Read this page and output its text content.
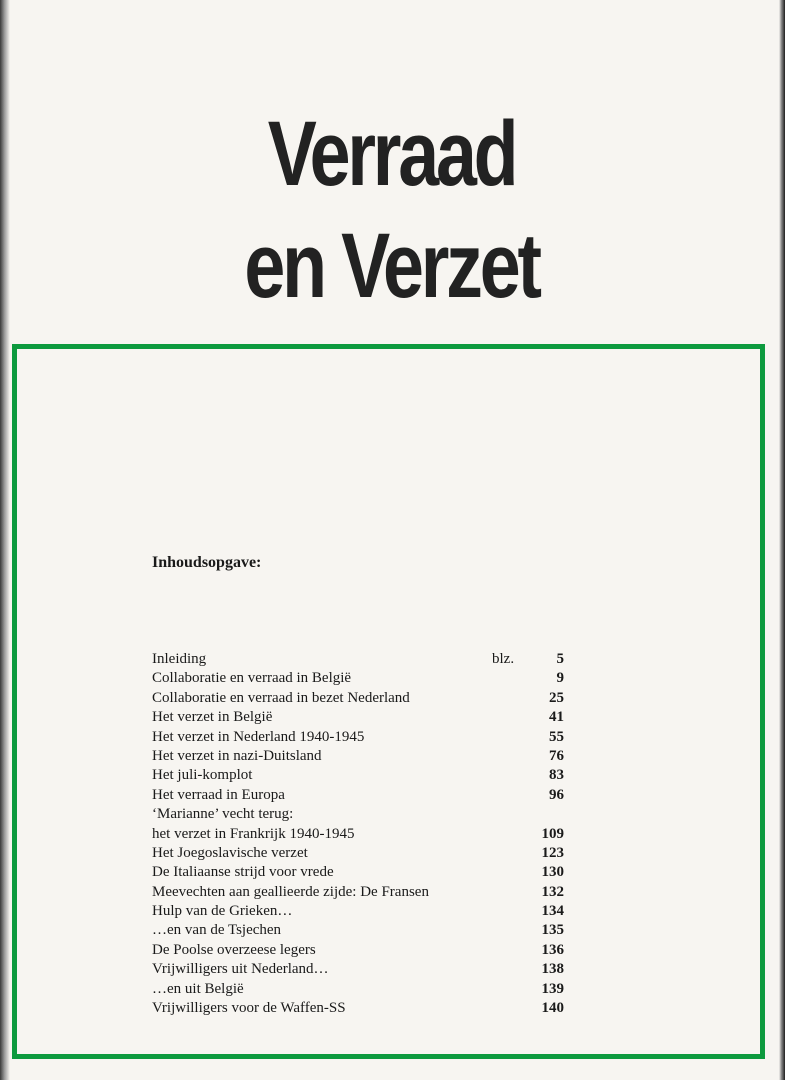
Verraad
en Verzet
Inhoudsopgave:
Inleiding	blz.	5
Collaboratie en verraad in België	9
Collaboratie en verraad in bezet Nederland	25
Het verzet in België	41
Het verzet in Nederland 1940-1945	55
Het verzet in nazi-Duitsland	76
Het juli-komplot	83
Het verraad in Europa	96
‘Marianne’ vecht terug:
het verzet in Frankrijk 1940-1945	109
Het Joegoslavische verzet	123
De Italiaanse strijd voor vrede	130
Meevechten aan geallieerde zijde: De Fransen	132
Hulp van de Grieken…	134
…en van de Tsjechen	135
De Poolse overzeese legers	136
Vrijwilligers uit Nederland…	138
…en uit België	139
Vrijwilligers voor de Waffen-SS	140
